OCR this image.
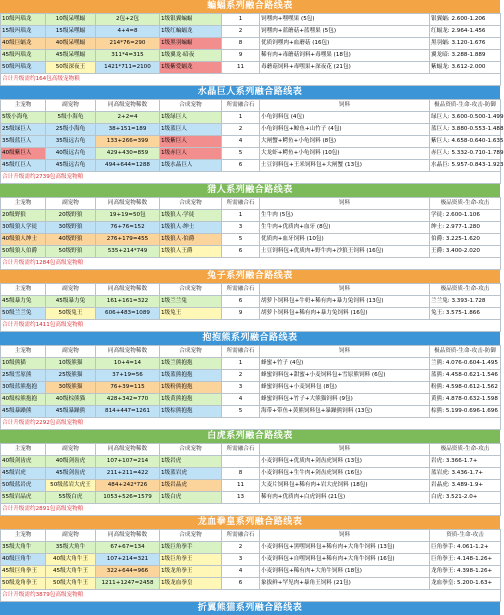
蝙蝠系列融合路线表
10级玛瑙龙	10级呆嘿蝠	2包+2包	1级银翼蝙蝠	1	饲嘿肉+嘿嘿果 (5包)	银翼蝠: 2.600-1.206
15级玛瑙龙	15级呆嘿蝠	4+4=8	1级红蝙蝠龙	2	饲嘿肉+蓝蘑菇+蓝嘿果 (5包)	红蝠龙: 2.964-1.456
40级巨蝠龙	40级呆嘿蝠	214*76=290	1级黑羽蝙蝠	8	优质饲嘿肉+血蘑菇 (16包)	黑羽蝠: 3.120-1.676
45级玛瑙龙	45级呆嘿蝠	311*4=315	1级翼龙·暗夜	9	稀有肉+毒蘑菇饲料+毒嘿果 (18包)	翼龙暗: 3.288-1.889
50级玛瑙龙	50级深夜王	1421*711=2100	1级紫爱蝠龙	11	毒蘑菇饲料+毒嘿果+深夜花 (21包)	紫蝠龙: 3.612-2.000
合计升级需约164包高级宠物粮						
水晶巨人系列融合路线表
主宠物	副宠物	同高级宠物稀数	合成宠物	所需融合石	饲料	极品资质-生命-攻击-防御
5级小海龟	5级小海龟	2+2=4	1级绿巨人	1	小龟饲料包 (4包)	绿巨人: 3.600-0.500-1.499
25级绿巨人	25级小海龟	38+151=189	1级蓝巨人	2	小龟饲料包+鲸鱼+山竹子 (4包)	蓝巨人: 3.880-0.553-1.488
35级蓝巨人	35级远古龟	133+266=399	1级紫巨人	4	大闸蟹+鳄鱼+小龟饲料 (8包)	紫巨人: 4.658-0.640-1.635
40级紫巨人	40级远古龟	429+430=859	1级赤巨人	5	大龙虾+鳄鱼+小龟饲料 (10包)	赤巨人: 5.332-0.710-1.789
45级红巨人	45级远古龟	494+644=1288	1级水晶巨人	6	土豆饲料包+王米饲料包+大闸蟹 (13包)	水晶巨: 5.957-0.843-1.923
合计升级需约2739包高级宠物粮						
猎人系列融合路线表
主宠物	副宠物	同高级宠物稀数	合成宠物	所需融合石	饲料	极品资质-生命-攻击
20级野狼	20级野狼	19+19=50包	1级狼人·学徒	1	生牛肉 (5包)	学徒: 2.600-1.106
30级狼人学徒	30级野狼	76+76=152	1级狼人·绅士	3	生牛肉+优质肉+血牙 (8包)	绅士: 2.977-1.280
40级狼人绅士	40级野狼	276+179=455	1级狼人·伯爵	5	优质肉+血牙饲料 (10包)	伯爵: 3.225-1.620
50级狼人伯爵	50级野狼	535+214*749	1级狼人王爵	6	土豆饲料包+优质肉+野牛肉+沙狼王饲料 (16包)	王爵: 3.400-2.020
合计升级需约1284包高级宠物粮						
兔子系列融合路线表
主宠物	副宠物	同高级宠物稀数	合成宠物	所需融合石	饲料	极品资质-生命-攻击
45级暴力兔	45级暴力兔	161+161=322	1级兰兰兔	6	胡萝卜饲料包+牛奶+稀有肉+暴力兔饲料 (13包)	兰兰兔: 3.393-1.728
50级兰兰兔	50级兔王	606+483=1089	1级兔王	9	胡萝卜饲料包+稀有肉+暴力兔饲料 (16包)	兔王: 3.575-1.866
合计升级需约1411包高级宠物粮						
抱抱熊系列融合路线表
主宠物	副宠物	同高级宠物稀数	合成宠物	所需融合石	饲料	极品资质-生命-攻击-防御
10级熊猫	10级熊猫	10+4=14	1级兰熊抱抱	1	蜂蜜+竹子 (4包)	兰熊: 4.076-0.604-1.495
25级雪原熊	25级熊猫	37+19=56	1级蓝熊抱抱	2	蜂蜜饲料包+甜蜜+小麦饲料包+雪原熊饲料 (6包)	蓝熊: 4.458-0.621-1.546
30级蓝熊抱抱	30级熊猫	76+39=115	1级粉熊抱抱	3	蜂蜜饲料包+小麦饲料包 (8包)	粉熊: 4.598-0.612-1.562
40级棕熊抱抱	40级棕熊猫	428+342=770	1级黄熊抱抱	4	蜂蜜饲料包+竹子+大熊猫饲料 (9包)	黄熊: 4.878-0.632-1.598
45级暴躁熊	45级暴躁熊	814+447=1261	1级棕熊抱抱	5	海带+带鱼+黄熊饲料包+暴躁熊饲料 (13包)	棕熊: 5.199-0.696-1.696
合计升级需约2292包高级宠物粮						
白虎系列融合路线表
主宠物	副宠物	同高级宠物稀数	合成宠物	所需融合石	饲料	极品资质-生命-攻击
40级剑齿虎	40级剑齿虎	107+107=214	1级岩虎		小麦饲料包+优质肉+剑齿虎饲料 (13包)	岩虎: 3.366-1.7+
45级岩虎	45级剑齿虎	211+211=422	1级蓝岩虎	8	小麦饲料包+生牛肉+剑齿虎饲料 (16包)	蓝岩虎: 3.436-1.7+
50级蓝岩虎	50级蓝岩大虎王	484+242*726	1级岩晶虎	11	大麦片饲料包+稀有肉+岩大虎饲料 (18包)	岩晶虎: 3.489-1.9+
55级岩晶虎	55级白虎	1053+526=1579	1级白虎	13	稀有肉+优质肉+白虎饲料 (21包)	白虎: 3.521-2.0+
合计升级需约2891包高级宠物粮						
龙血拳皇系列融合路线表
主宠物	副宠物	同高级宠物稀数	合成宠物	所需融合石	饲料	资质-生命-攻击
35级大角牛	35级大角牛	67+67=134	1级巨角拳手	2	小麦饲料包+黑嘿饲料包+稀有肉+大角牛饲料 (13包)	巨角拳手: 4.061-1.2+
40级巨角牛	40级大角牛王	107+214=321	1级巨角拳王	3	小麦饲料包+自嘿饲料包+稀有肉+大角牛饲料 (16包)	巨角拳王: 4.148-1.26+
45级巨角拳王	45级大角牛王	322+644=966	1级龙角拳王	4	小麦饲料包+稀有肉+大角牛饲料 (18包)	龙角拳王: 4.398-1.26+
50级龙角拳王	50级大角牛王	1211+1247=2458	1级龙血拳皇	6	象拔鲜+罕见肉+暴角王饲料 (21包)	龙血拳皇: 5.200-1.63+
合计升级需约3879包高级宠物粮						
折翼熊猫系列融合路线表
